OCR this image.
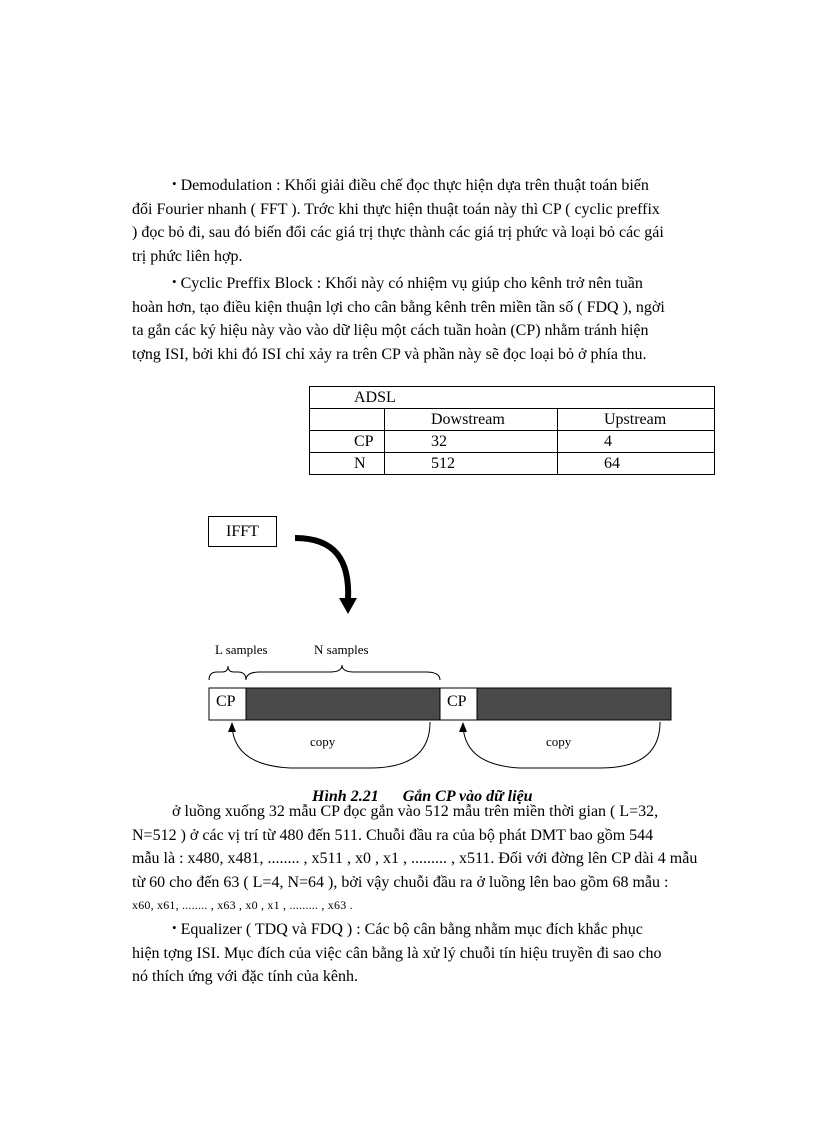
• Demodulation : Khối giải điều chế đọc thực hiện dựa trên thuật toán biến
đổi Fourier nhanh ( FFT ). Trớc khi thực hiện thuật toán này thì CP ( cyclic preffix
) đọc bỏ đi, sau đó biến đổi các giá trị thực thành các giá trị phức và loại bỏ các gái
trị phức liên hợp.
• Cyclic Preffix Block : Khối này có nhiệm vụ giúp cho kênh trở nên tuần
hoàn hơn, tạo điều kiện thuận lợi cho cân bằng kênh trên miền tần số ( FDQ ), ngời
ta gắn các ký hiệu này vào vào dữ liệu một cách tuần hoàn (CP) nhằm tránh hiện
tợng ISI, bởi khi đó ISI chỉ xảy ra trên CP và phần này sẽ đọc loại bỏ ở phía thu.
ADSL		
	Dowstream	Upstream
CP	32	4
N	512	64
IFFT
L samples	N samples
CP	CP
copy	copy
Hình 2.21      Gắn CP vào dữ liệu
ở luồng xuống 32 mẫu CP đọc gắn vào 512 mẫu trên miền thời gian ( L=32,
N=512 ) ở các vị trí từ 480 đến 511. Chuỗi đầu ra của bộ phát DMT bao gồm 544
mẫu là : x480, x481, ........ , x511 , x0 , x1 , ......... , x511. Đối với đờng lên CP dài 4 mẫu
từ 60 cho đến 63 ( L=4, N=64 ), bởi vậy chuỗi đầu ra ở luồng lên bao gồm 68 mẫu :
x60, x61, ........ , x63 , x0 , x1 , ......... , x63 .
• Equalizer ( TDQ và FDQ ) : Các bộ cân bằng nhằm mục đích khắc phục
hiện tợng ISI. Mục đích của việc cân bằng là xử lý chuỗi tín hiệu truyền đi sao cho
nó thích ứng với đặc tính của kênh.
